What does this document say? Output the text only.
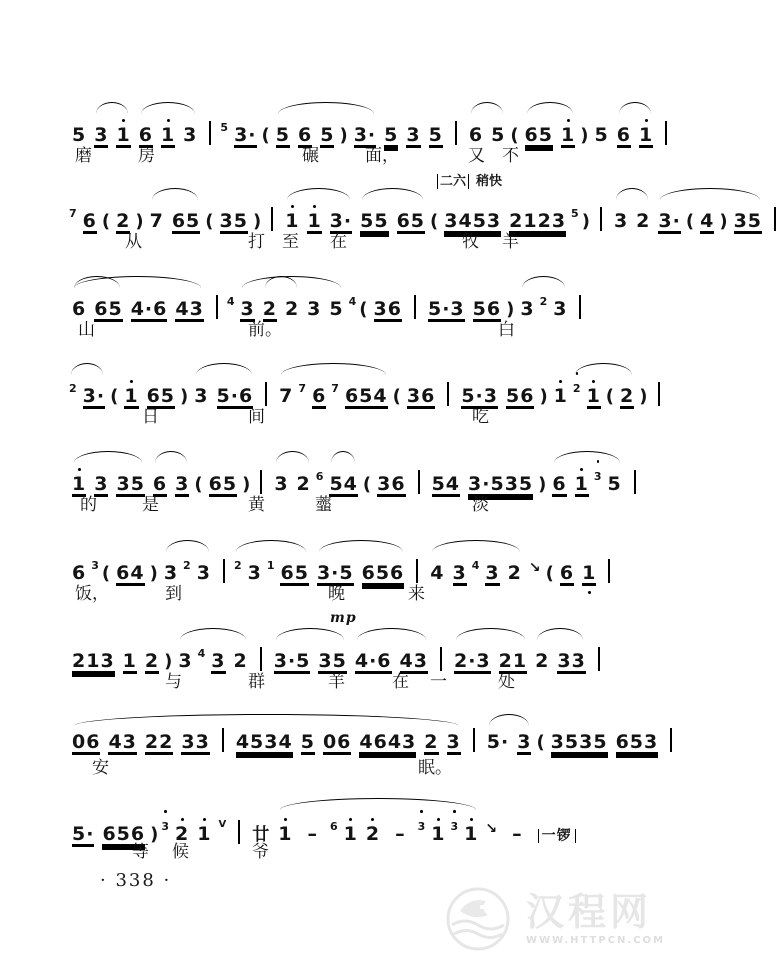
5 3 1 6 1 3 5 3· ( 5 6 5 ) 3· 5 3 5 6 5 ( 65 1 ) 5 6 1
磨	房	碾	面，	又 不
7 6 ( 2 ) 7 65 ( 35 ) 1 1 3· 55 65 ( 3453 2123 5 ) 3 2 3· ( 4 ) 35
从	打 至 在	牧 羊
二六 稍快
6 65 4·6 43 4 3 2 2 3 5 4 ( 36 5·3 56 ) 3 2 3
山	前。	白
2 3· ( 1 65 ) 3 5·6 7 7 6 7 654 ( 36 5·3 56 ) 1 2 1 ( 2 )
日	间	吃
1 3 35 6 3 ( 65 ) 3 2 6 54 ( 36 54 3·535 ) 6 1 3 5
的	是	黄	虀	淡
6 3 ( 64 ) 3 2 3 2 3 1 65 3·5 656 4 3 4 3 2 ↘ ( 6 1
饭，	到	晚	来
213 1 2 ) 3 4 3 2 3·5 35 4·6 43 2·3 21 2 33
与	群	羊	在 一	处
mp
06 43 22 33 4534 5 06 4643 2 3 5· 3 ( 3535 653
安	眠。
5· 656 ) 3 2 1 V廿 1 – 6 1 2 – 3 1 3 1 ↘ – 一锣
等 候	爷
· 338 ·
汉程网
WWW.HTTPCN.COM
